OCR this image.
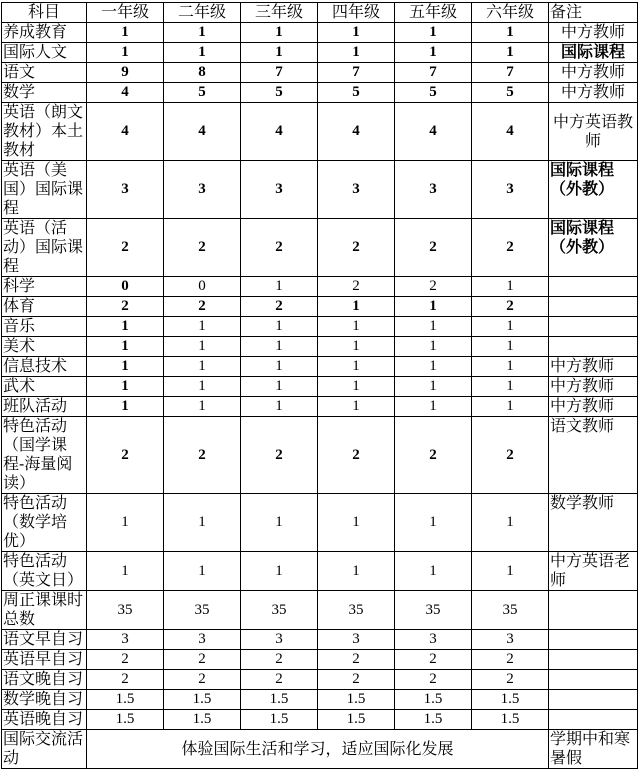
科目	一年级	二年级	三年级	四年级	五年级	六年级	备注
养成教育	1	1	1	1	1	1	中方教师
国际人文	1	1	1	1	1	1	国际课程
语文	9	8	7	7	7	7	中方教师
数学	4	5	5	5	5	5	中方教师
英语（朗文教材）本土教材	4	4	4	4	4	4	中方英语教师
英语（美国）国际课程	3	3	3	3	3	3	国际课程（外教）
英语（活动）国际课程	2	2	2	2	2	2	国际课程（外教）
科学	0	0	1	2	2	1	
体育	2	2	2	1	1	2	
音乐	1	1	1	1	1	1	
美术	1	1	1	1	1	1	
信息技术	1	1	1	1	1	1	中方教师
武术	1	1	1	1	1	1	中方教师
班队活动	1	1	1	1	1	1	中方教师
特色活动（国学课程-海量阅读）	2	2	2	2	2	2	语文教师
特色活动（数学培优）	1	1	1	1	1	1	数学教师
特色活动（英文日）	1	1	1	1	1	1	中方英语老师
周正课课时总数	35	35	35	35	35	35	
语文早自习	3	3	3	3	3	3	
英语早自习	2	2	2	2	2	2	
语文晚自习	2	2	2	2	2	2	
数学晚自习	1.5	1.5	1.5	1.5	1.5	1.5	
英语晚自习	1.5	1.5	1.5	1.5	1.5	1.5	
国际交流活动	体验国际生活和学习，适应国际化发展						学期中和寒暑假
